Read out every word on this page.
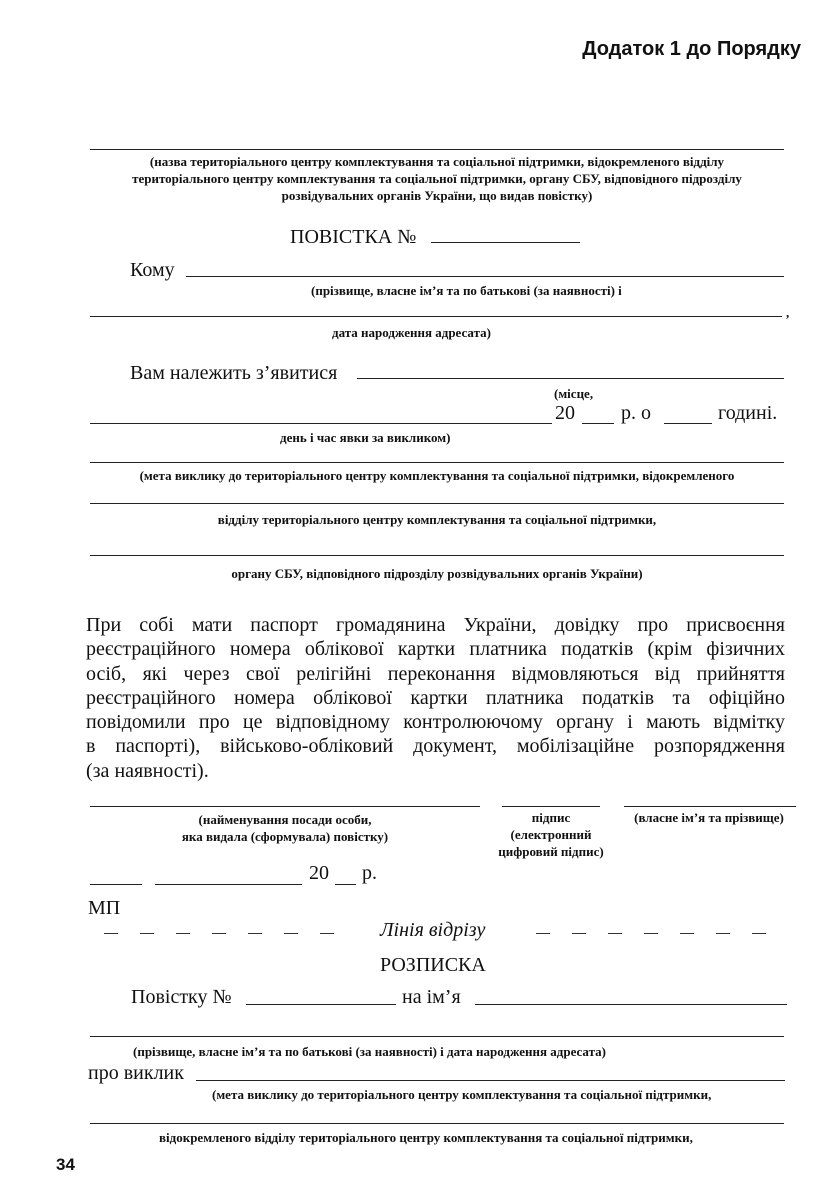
Додаток 1 до Порядку
(назва територіального центру комплектування та соціальної підтримки, відокремленого відділу
територіального центру комплектування та соціальної підтримки, органу СБУ, відповідного підрозділу
розвідувальних органів України, що видав повістку)
ПОВІСТКА №
Кому
(прізвище, власне ім’я та по батькові (за наявності) і
,
дата народження адресата)
Вам належить з’явитися
(місце,
20 р. о	годині.
день і час явки за викликом)
(мета виклику до територіального центру комплектування та соціальної підтримки, відокремленого
відділу територіального центру комплектування та соціальної підтримки,
органу СБУ, відповідного підрозділу розвідувальних органів України)
При собі мати паспорт громадянина України, довідку про присвоєння
реєстраційного номера облікової картки платника податків (крім фізичних
осіб, які через свої релігійні переконання відмовляються від прийняття
реєстраційного номера облікової картки платника податків та офіційно
повідомили про це відповідному контролюючому органу і мають відмітку
в паспорті), військово-обліковий документ, мобілізаційне розпорядження
(за наявності).
(найменування посади особи,
яка видала (сформувала) повістку)
підпис
(електронний
цифровий підпис)
(власне ім’я та прізвище)
20 р.
МП
Лінія відрізу
РОЗПИСКА
Повістку №	на ім’я
(прізвище, власне ім’я та по батькові (за наявності) і дата народження адресата)
про виклик
(мета виклику до територіального центру комплектування та соціальної підтримки,
відокремленого відділу територіального центру комплектування та соціальної підтримки,
34
